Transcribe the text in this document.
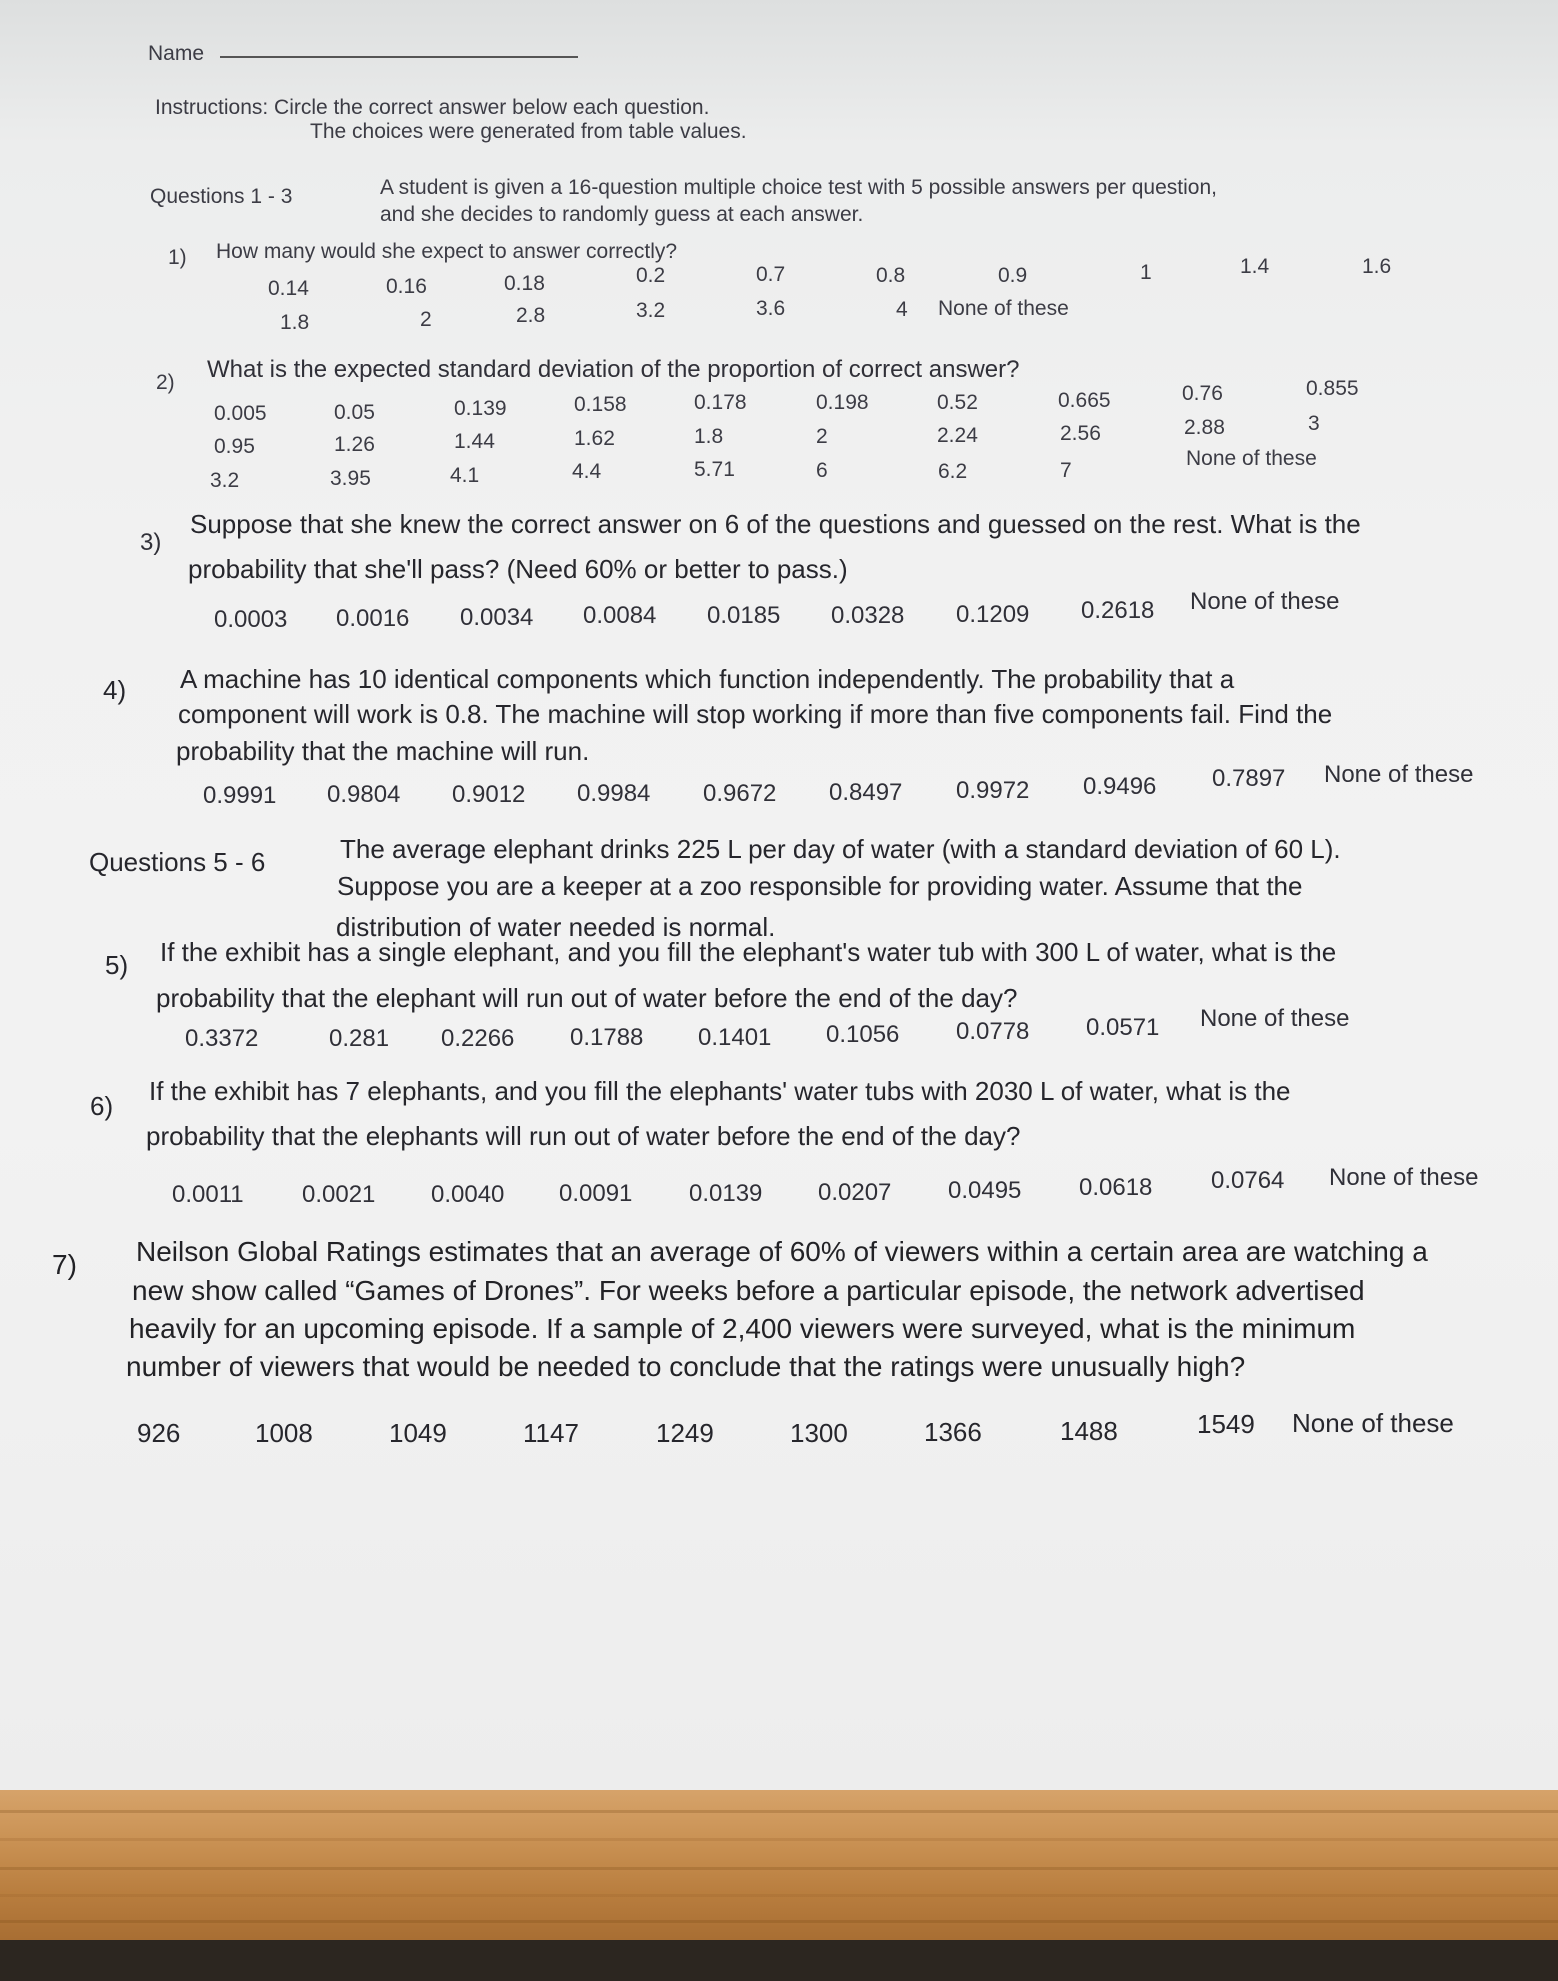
Name
Instructions: Circle the correct answer below each question.
The choices were generated from table values.
Questions 1 - 3	A student is given a 16-question multiple choice test with 5 possible answers per question,
and she decides to randomly guess at each answer.
1) How many would she expect to answer correctly?
0.14	0.16	0.18	0.2	0.7	0.8	0.9	1	1.4	1.6
1.8	2	2.8	3.2	3.6	4 None of these
2) What is the expected standard deviation of the proportion of correct answer?
0.005	0.05	0.139	0.158	0.178	0.198	0.52	0.665	0.76	0.855
0.95	1.26	1.44	1.62	1.8	2	2.24	2.56	2.88	3
3.2	3.95	4.1	4.4	5.71	6	6.2	7
None of these
3)
Suppose that she knew the correct answer on 6 of the questions and guessed on the rest. What is the
probability that she'll pass? (Need 60% or better to pass.)
0.0003 0.0016 0.0034 0.0084 0.0185 0.0328 0.1209 0.2618 None of these
4) A machine has 10 identical components which function independently. The probability that a
component will work is 0.8. The machine will stop working if more than five components fail. Find the
probability that the machine will run.
0.9991 0.9804 0.9012 0.9984 0.9672 0.8497 0.9972 0.9496 0.7897 None of these
Questions 5 - 6	The average elephant drinks 225 L per day of water (with a standard deviation of 60 L).
Suppose you are a keeper at a zoo responsible for providing water. Assume that the
distribution of water needed is normal.
5) If the exhibit has a single elephant, and you fill the elephant's water tub with 300 L of water, what is the
probability that the elephant will run out of water before the end of the day?
0.3372	0.281 0.2266 0.1788 0.1401 0.1056 0.0778 0.0571 None of these
6) If the exhibit has 7 elephants, and you fill the elephants' water tubs with 2030 L of water, what is the
probability that the elephants will run out of water before the end of the day?
0.0011 0.0021 0.0040 0.0091 0.0139 0.0207 0.0495 0.0618 0.0764 None of these
7) Neilson Global Ratings estimates that an average of 60% of viewers within a certain area are watching a
new show called “Games of Drones”. For weeks before a particular episode, the network advertised
heavily for an upcoming episode. If a sample of 2,400 viewers were surveyed, what is the minimum
number of viewers that would be needed to conclude that the ratings were unusually high?
926	1008	1049	1147	1249	1300	1366	1488	1549 None of these
